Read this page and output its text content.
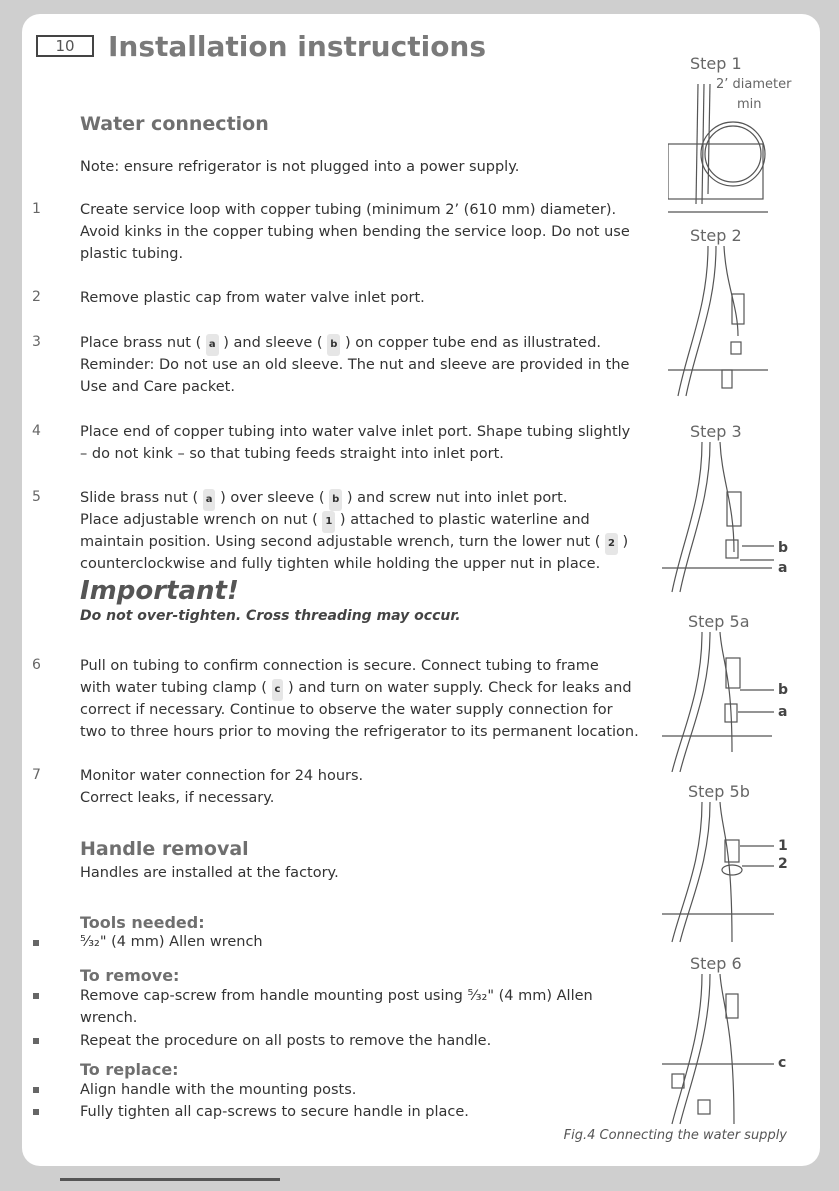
10	Installation instructions
Water connection
Note: ensure refrigerator is not plugged into a power supply.
1	Create service loop with copper tubing (minimum 2’ (610 mm) diameter).
Avoid kinks in the copper tubing when bending the service loop. Do not use
plastic tubing.
2	Remove plastic cap from water valve inlet port.
3	Place brass nut ( a ) and sleeve ( b ) on copper tube end as illustrated.
Reminder: Do not use an old sleeve. The nut and sleeve are provided in the
Use and Care packet.
4	Place end of copper tubing into water valve inlet port. Shape tubing slightly
– do not kink – so that tubing feeds straight into inlet port.
5	Slide brass nut ( a ) over sleeve ( b ) and screw nut into inlet port.
Place adjustable wrench on nut ( 1 ) attached to plastic waterline and
maintain position. Using second adjustable wrench, turn the lower nut ( 2 )
counterclockwise and fully tighten while holding the upper nut in place.
Important!
Do not over-tighten. Cross threading may occur.
6	Pull on tubing to confirm connection is secure. Connect tubing to frame
with water tubing clamp ( c ) and turn on water supply. Check for leaks and
correct if necessary. Continue to observe the water supply connection for
two to three hours prior to moving the refrigerator to its permanent location.
7	Monitor water connection for 24 hours.
Correct leaks, if necessary.
Handle removal
Handles are installed at the factory.
Tools needed:
⁵⁄₃₂" (4 mm) Allen wrench
To remove:
Remove cap-screw from handle mounting post using ⁵⁄₃₂" (4 mm) Allen
wrench.
Repeat the procedure on all posts to remove the handle.
To replace:
Align handle with the mounting posts.
Fully tighten all cap-screws to secure handle in place.
Step 1
2’ diameter
min
Step 2
Step 3
b
a
Step 5a
b
a
Step 5b
1
2
Step 6
c
Fig.4 Connecting the water supply
